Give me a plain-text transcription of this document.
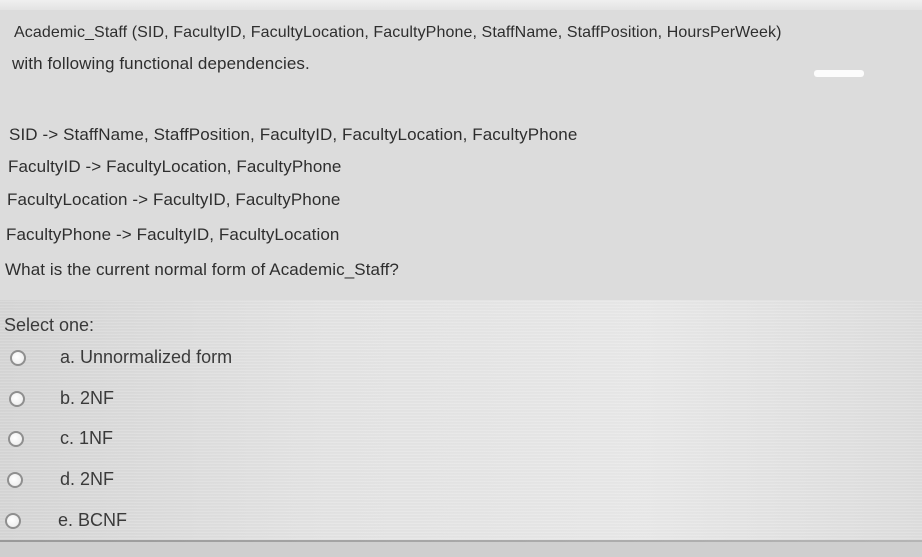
Academic_Staff (SID, FacultyID, FacultyLocation, FacultyPhone, StaffName, StaffPosition, HoursPerWeek)
with following functional dependencies.
SID -> StaffName, StaffPosition, FacultyID, FacultyLocation, FacultyPhone
FacultyID -> FacultyLocation, FacultyPhone
FacultyLocation -> FacultyID, FacultyPhone
FacultyPhone -> FacultyID, FacultyLocation
What is the current normal form of Academic_Staff?
Select one:
a. Unnormalized form
b. 2NF
c. 1NF
d. 2NF
e. BCNF
